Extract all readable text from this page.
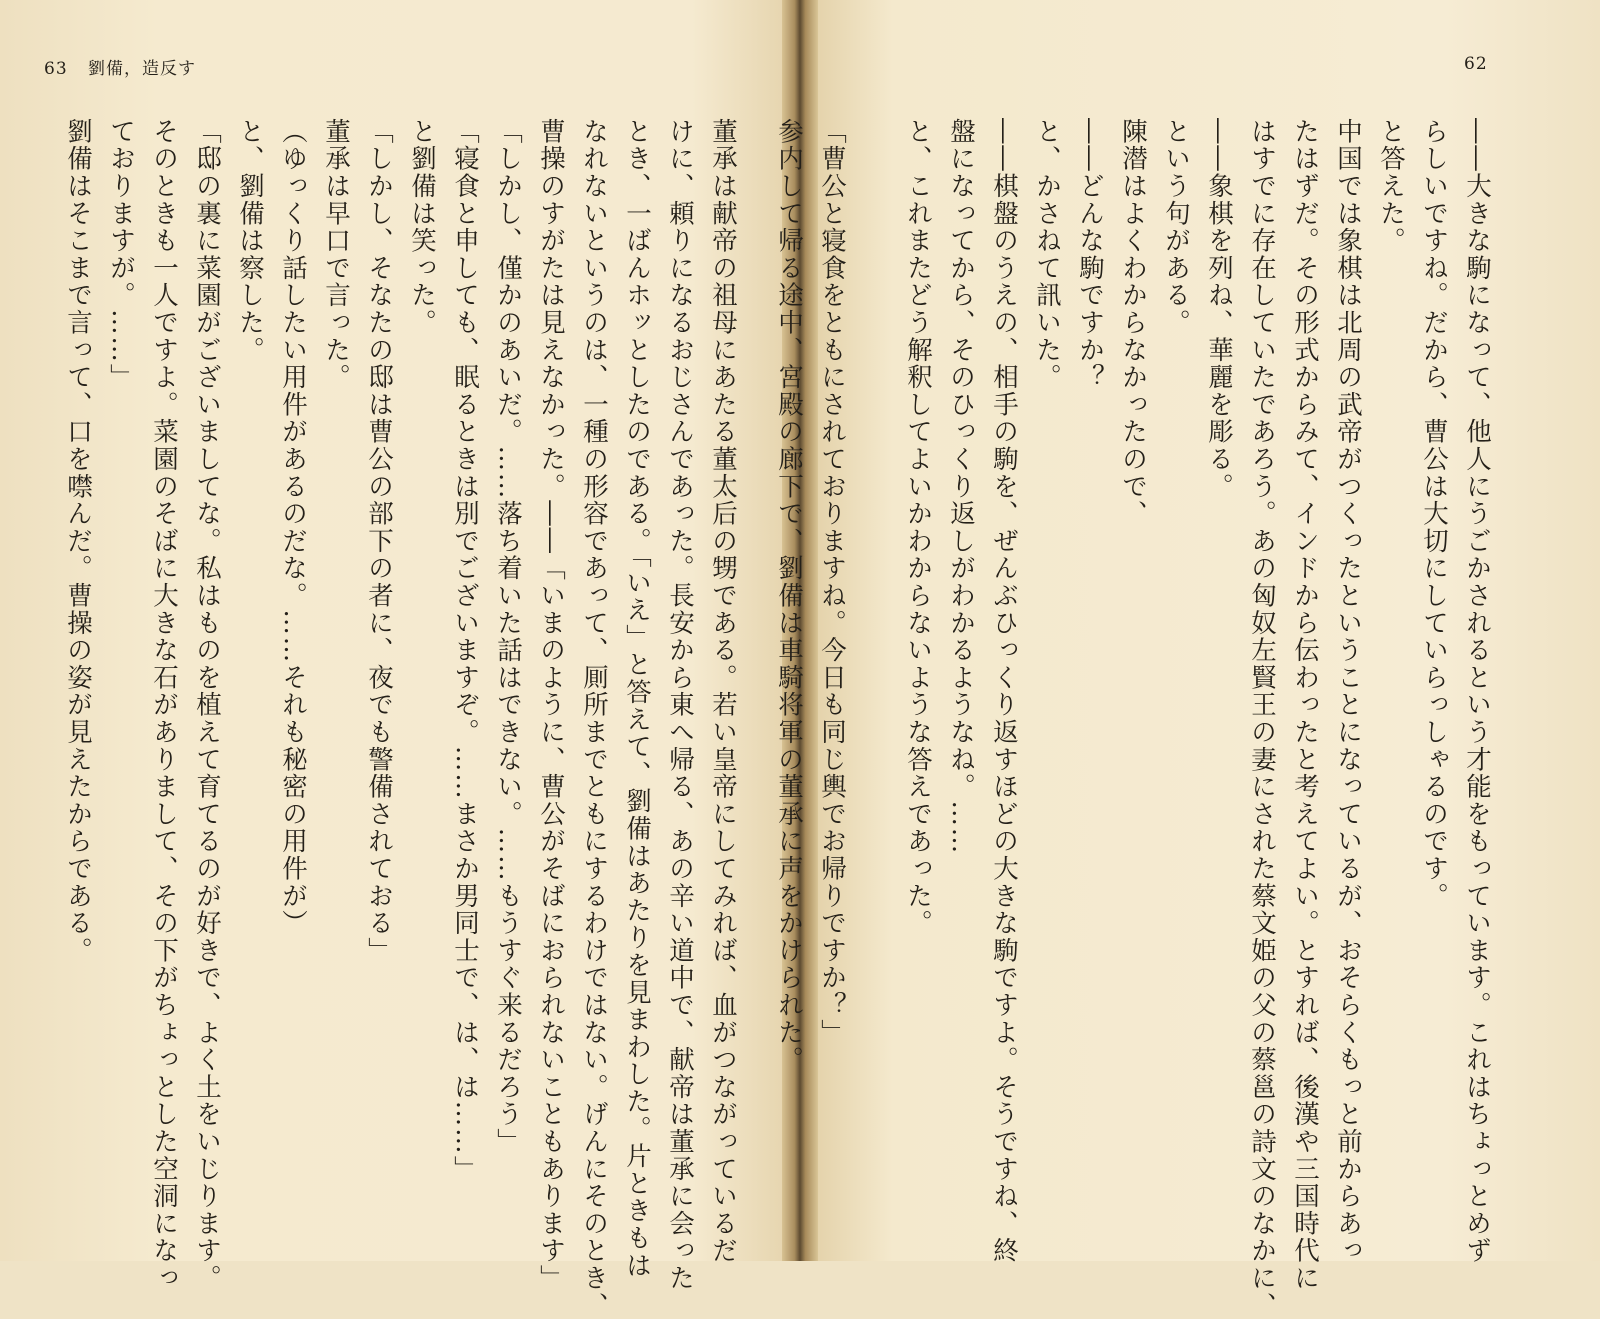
63 劉備，造反す	62
――大きな駒になって、他人にうごかされるという才能をもっています。これはちょっとめず
らしいですね。だから、曹公は大切にしていらっしゃるのです。
と答えた。
中国では象棋は北周の武帝がつくったということになっているが、おそらくもっと前からあっ
たはずだ。その形式からみて、インドから伝わったと考えてよい。とすれば、後漢や三国時代に
はすでに存在していたであろう。あの匈奴左賢王の妻にされた蔡文姫の父の蔡邕の詩文のなかに、
――象棋を列ね、華麗を彫る。
という句がある。
陳潜はよくわからなかったので、
――どんな駒ですか？
と、かさねて訊いた。
――棋盤のうえの、相手の駒を、ぜんぶひっくり返すほどの大きな駒ですよ。そうですね、終
盤になってから、そのひっくり返しがわかるようなね。……
と、これまたどう解釈してよいかわからないような答えであった。

「曹公と寝食をともにされておりますね。今日も同じ輿でお帰りですか？」
参内して帰る途中、宮殿の廊下で、劉備は車騎将軍の董承に声をかけられた。
董承は献帝の祖母にあたる董太后の甥である。若い皇帝にしてみれば、血がつながっているだ
けに、頼りになるおじさんであった。長安から東へ帰る、あの辛い道中で、献帝は董承に会った
とき、一ばんホッとしたのである。「いえ」と答えて、劉備はあたりを見まわした。片ときもは
なれないというのは、一種の形容であって、厠所までともにするわけではない。げんにそのとき、
曹操のすがたは見えなかった。――「いまのように、曹公がそばにおられないこともあります」
「しかし、僅かのあいだ。……落ち着いた話はできない。……もうすぐ来るだろう」
「寝食と申しても、眠るときは別でございますぞ。……まさか男同士で、は、は……」
と劉備は笑った。
「しかし、そなたの邸は曹公の部下の者に、夜でも警備されておる」
董承は早口で言った。
（ゆっくり話したい用件があるのだな。……それも秘密の用件が）
と、劉備は察した。
「邸の裏に菜園がございましてな。私はものを植えて育てるのが好きで、よく土をいじります。
そのときも一人ですよ。菜園のそばに大きな石がありまして、その下がちょっとした空洞になっ
ておりますが。……」
劉備はそこまで言って、口を噤んだ。曹操の姿が見えたからである。
